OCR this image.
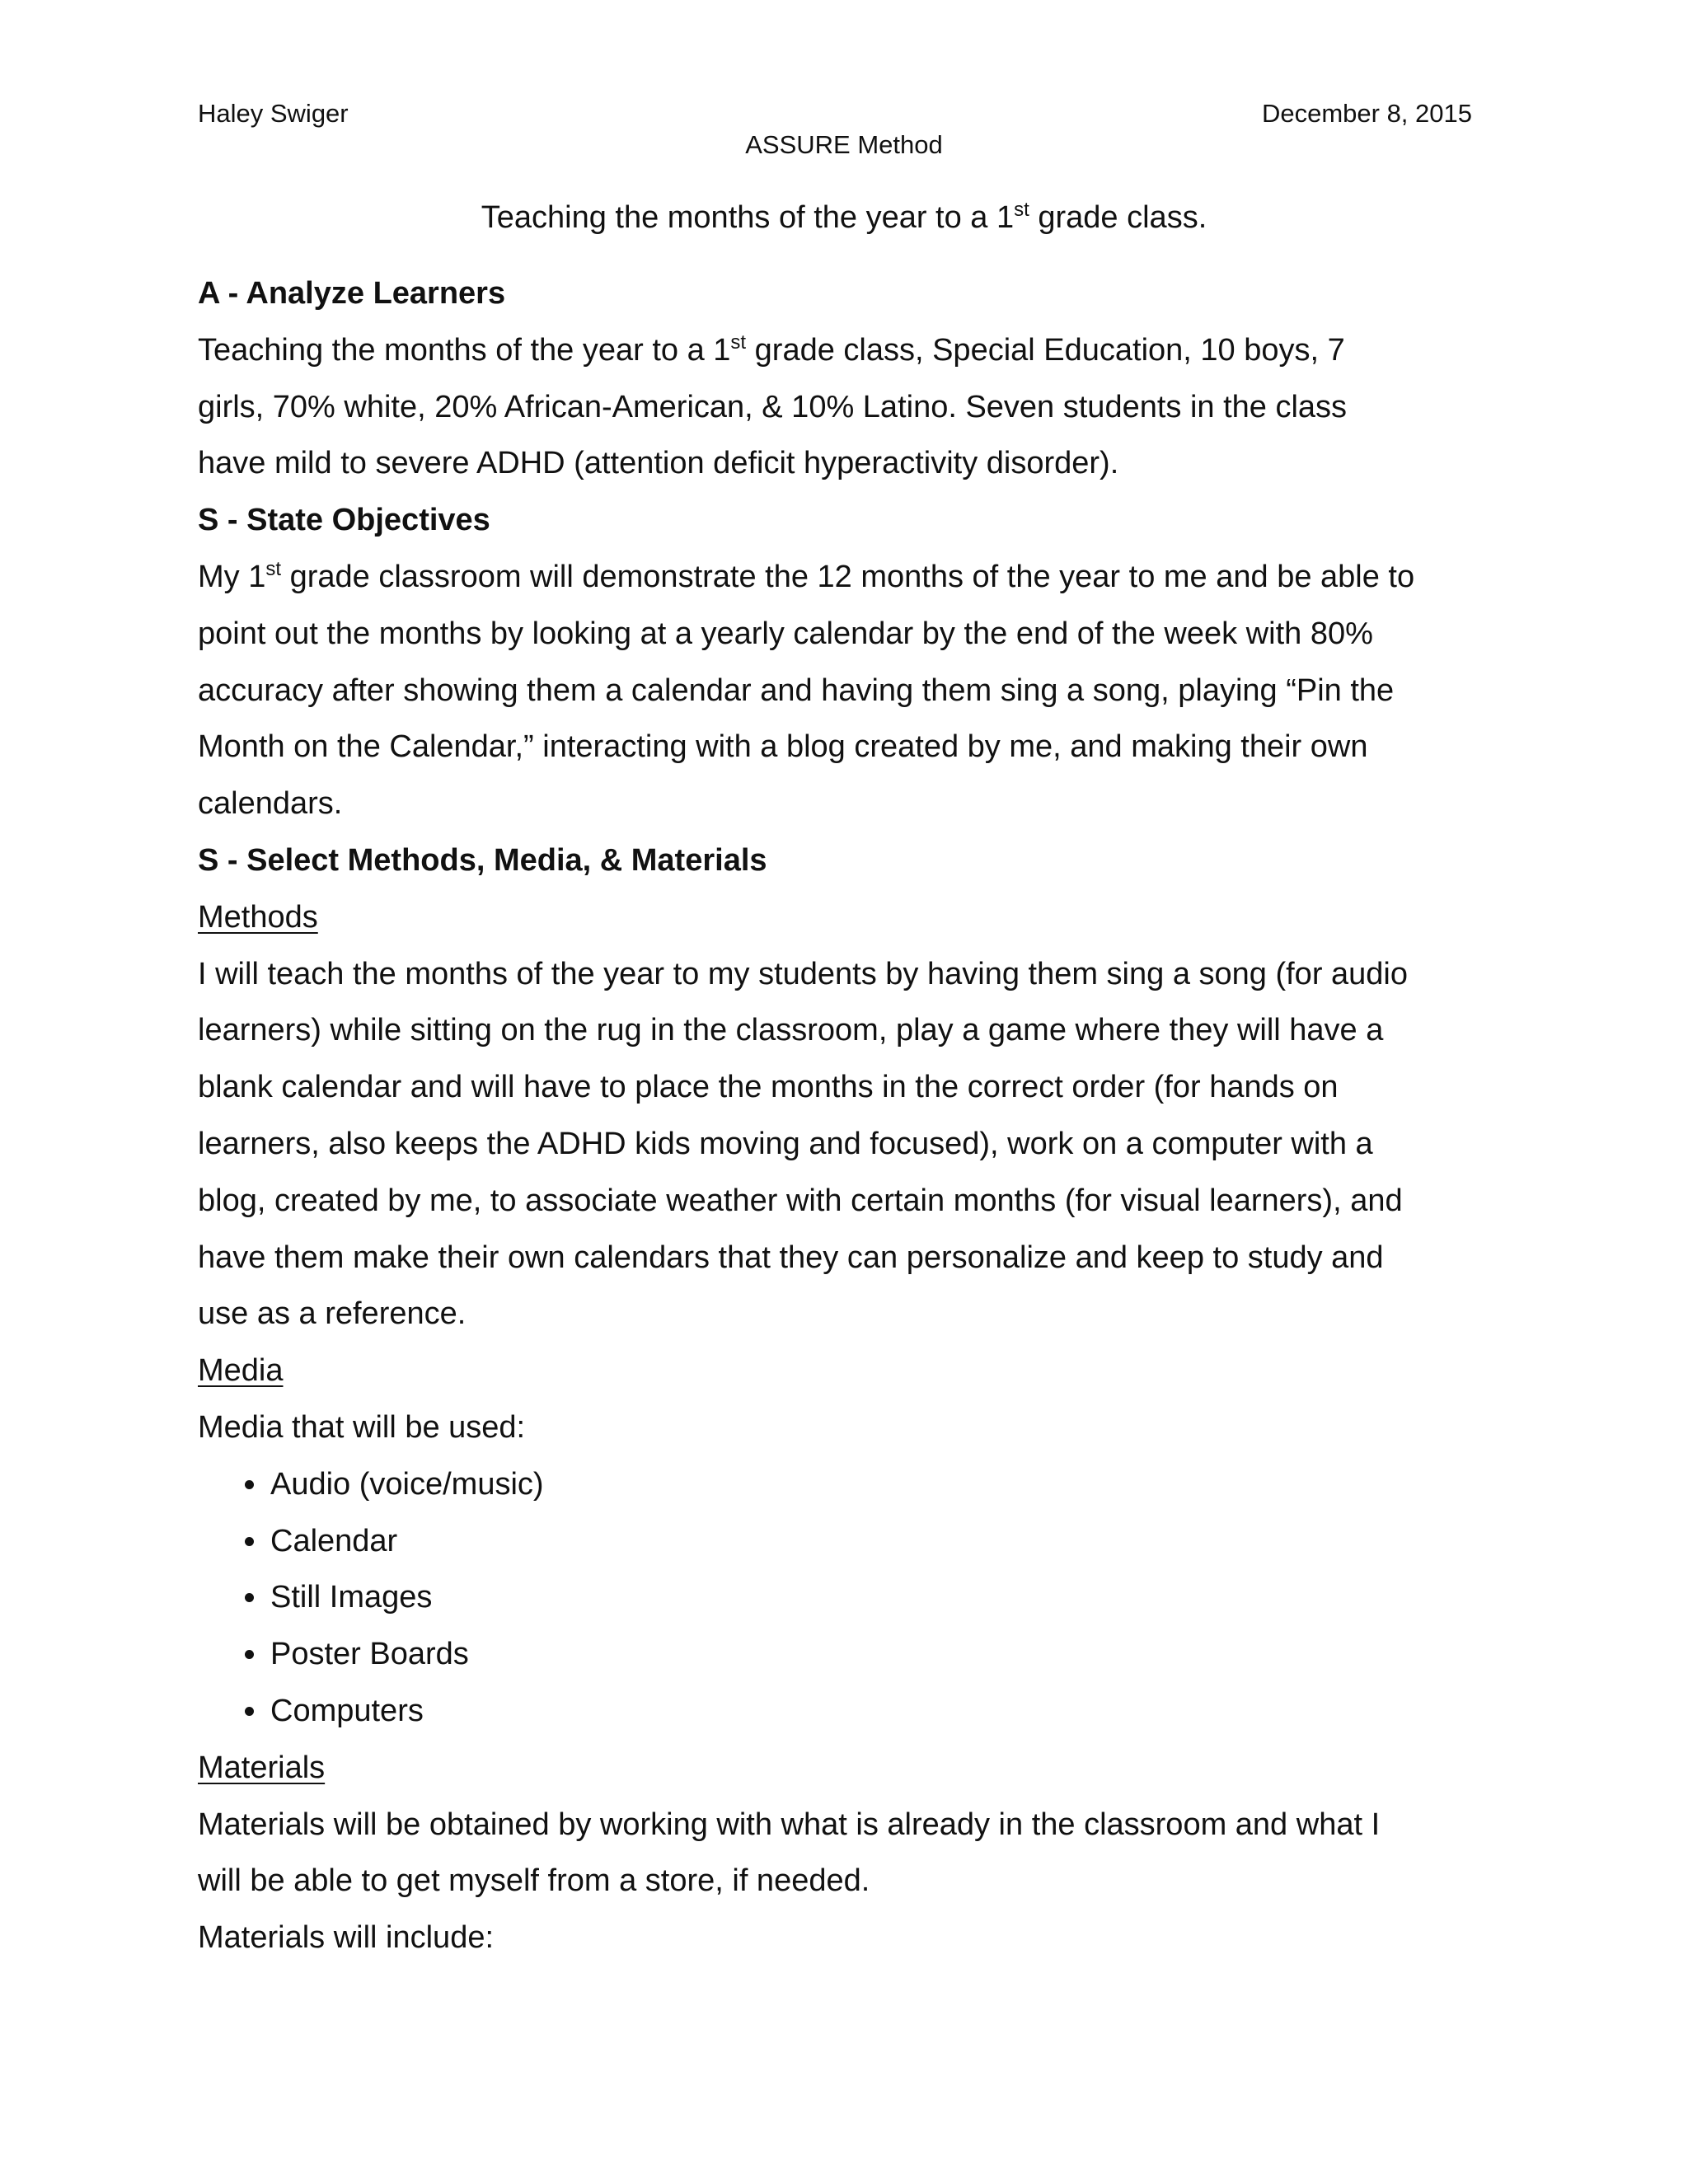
Haley Swiger	December 8, 2015
ASSURE Method
Teaching the months of the year to a 1st grade class.
A - Analyze Learners
Teaching the months of the year to a 1st grade class, Special Education, 10 boys, 7
girls, 70% white, 20% African-American, & 10% Latino. Seven students in the class
have mild to severe ADHD (attention deficit hyperactivity disorder).
S - State Objectives
My 1st grade classroom will demonstrate the 12 months of the year to me and be able to
point out the months by looking at a yearly calendar by the end of the week with 80%
accuracy after showing them a calendar and having them sing a song, playing “Pin the
Month on the Calendar,” interacting with a blog created by me, and making their own
calendars.
S - Select Methods, Media, & Materials
Methods
I will teach the months of the year to my students by having them sing a song (for audio
learners) while sitting on the rug in the classroom, play a game where they will have a
blank calendar and will have to place the months in the correct order (for hands on
learners, also keeps the ADHD kids moving and focused), work on a computer with a
blog, created by me, to associate weather with certain months (for visual learners), and
have them make their own calendars that they can personalize and keep to study and
use as a reference.
Media
Media that will be used:
Audio (voice/music)
Calendar
Still Images
Poster Boards
Computers
Materials
Materials will be obtained by working with what is already in the classroom and what I
will be able to get myself from a store, if needed.
Materials will include:
